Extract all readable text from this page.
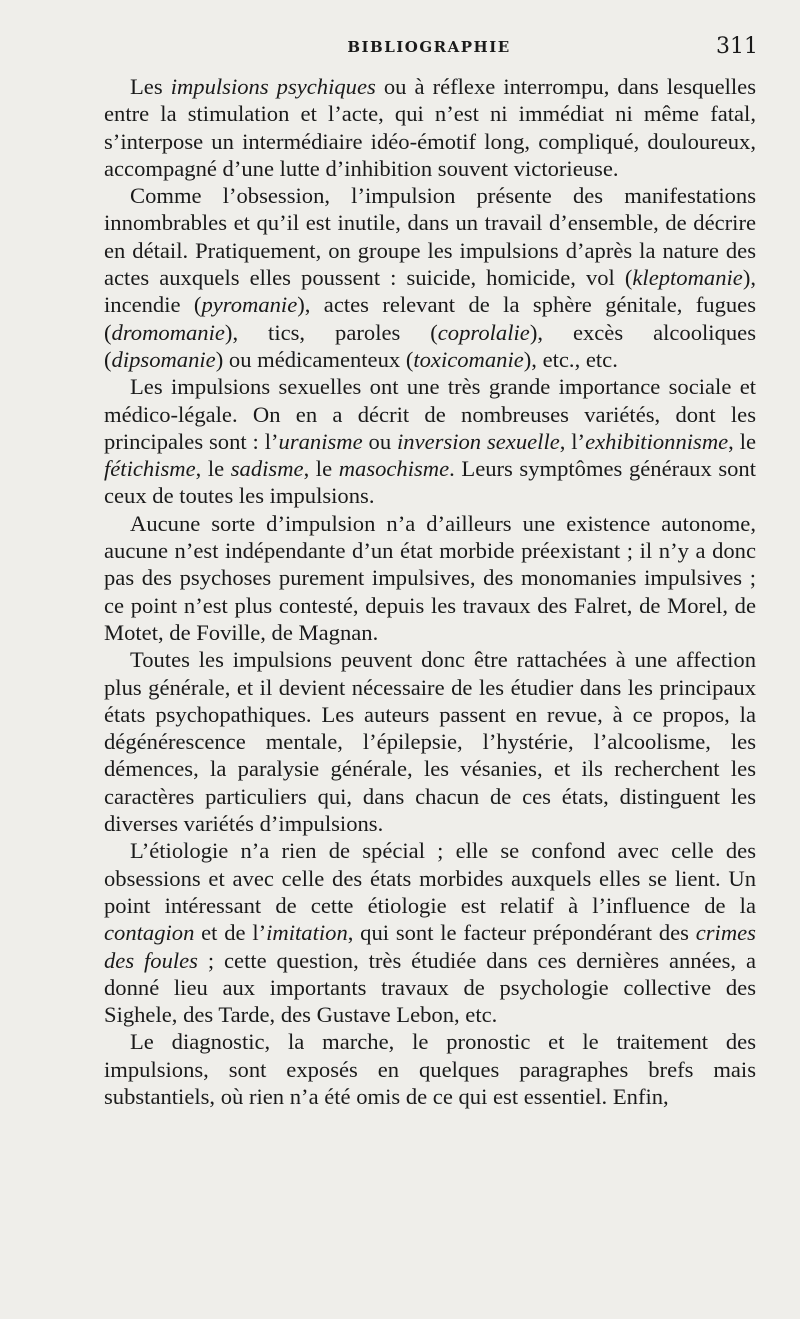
BIBLIOGRAPHIE	311

Les impulsions psychiques ou à réflexe interrompu, dans lesquelles entre la stimulation et l’acte, qui n’est ni immédiat ni même fatal, s’interpose un intermédiaire idéo-émotif long, compliqué, douloureux, accompagné d’une lutte d’inhibition souvent victorieuse.

Comme l’obsession, l’impulsion présente des manifestations innombrables et qu’il est inutile, dans un travail d’ensemble, de décrire en détail. Pratiquement, on groupe les impulsions d’après la nature des actes auxquels elles poussent : suicide, homicide, vol (kleptomanie), incendie (pyromanie), actes relevant de la sphère génitale, fugues (dromomanie), tics, paroles (coprolalie), excès alcooliques (dipsomanie) ou médicamenteux (toxicomanie), etc., etc.

Les impulsions sexuelles ont une très grande importance sociale et médico-légale. On en a décrit de nombreuses variétés, dont les principales sont : l’uranisme ou inversion sexuelle, l’exhibitionnisme, le fétichisme, le sadisme, le masochisme. Leurs symptômes généraux sont ceux de toutes les impulsions.

Aucune sorte d’impulsion n’a d’ailleurs une existence autonome, aucune n’est indépendante d’un état morbide préexistant ; il n’y a donc pas des psychoses purement impulsives, des monomanies impulsives ; ce point n’est plus contesté, depuis les travaux des Falret, de Morel, de Motet, de Foville, de Magnan.

Toutes les impulsions peuvent donc être rattachées à une affection plus générale, et il devient nécessaire de les étudier dans les principaux états psychopathiques. Les auteurs passent en revue, à ce propos, la dégénérescence mentale, l’épilepsie, l’hystérie, l’alcoolisme, les démences, la paralysie générale, les vésanies, et ils recherchent les caractères particuliers qui, dans chacun de ces états, distinguent les diverses variétés d’impulsions.

L’étiologie n’a rien de spécial ; elle se confond avec celle des obsessions et avec celle des états morbides auxquels elles se lient. Un point intéressant de cette étiologie est relatif à l’influence de la contagion et de l’imitation, qui sont le facteur prépondérant des crimes des foules ; cette question, très étudiée dans ces dernières années, a donné lieu aux importants travaux de psychologie collective des Sighele, des Tarde, des Gustave Lebon, etc.

Le diagnostic, la marche, le pronostic et le traitement des impulsions, sont exposés en quelques paragraphes brefs mais substantiels, où rien n’a été omis de ce qui est essentiel. Enfin,
